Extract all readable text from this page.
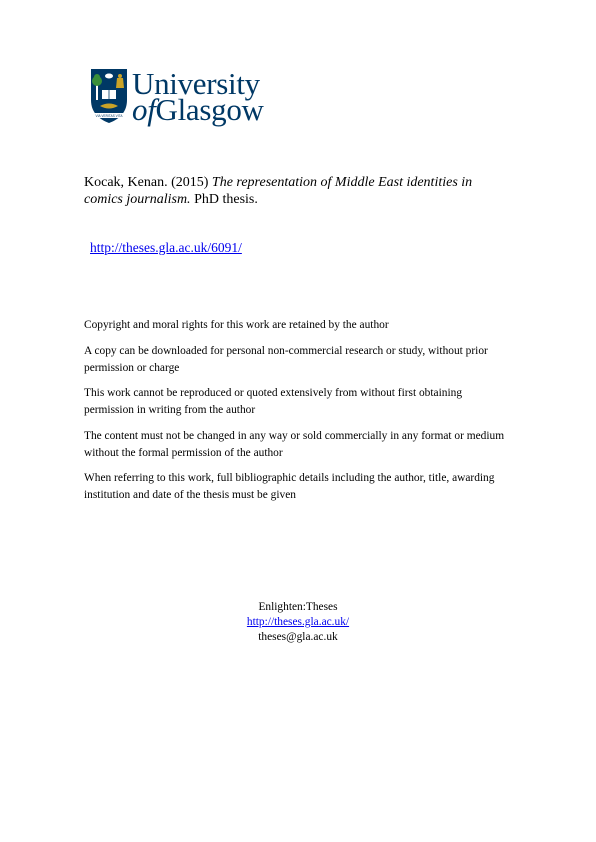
VIA VERITAS VITA
University
ofGlasgow
Kocak, Kenan. (2015) The representation of Middle East identities in comics journalism. PhD thesis.
http://theses.gla.ac.uk/6091/

Copyright and moral rights for this work are retained by the author

A copy can be downloaded for personal non-commercial research or study, without prior permission or charge

This work cannot be reproduced or quoted extensively from without first obtaining permission in writing from the author

The content must not be changed in any way or sold commercially in any format or medium without the formal permission of the author

When referring to this work, full bibliographic details including the author, title, awarding institution and date of the thesis must be given

Enlighten:Theses
http://theses.gla.ac.uk/
theses@gla.ac.uk
